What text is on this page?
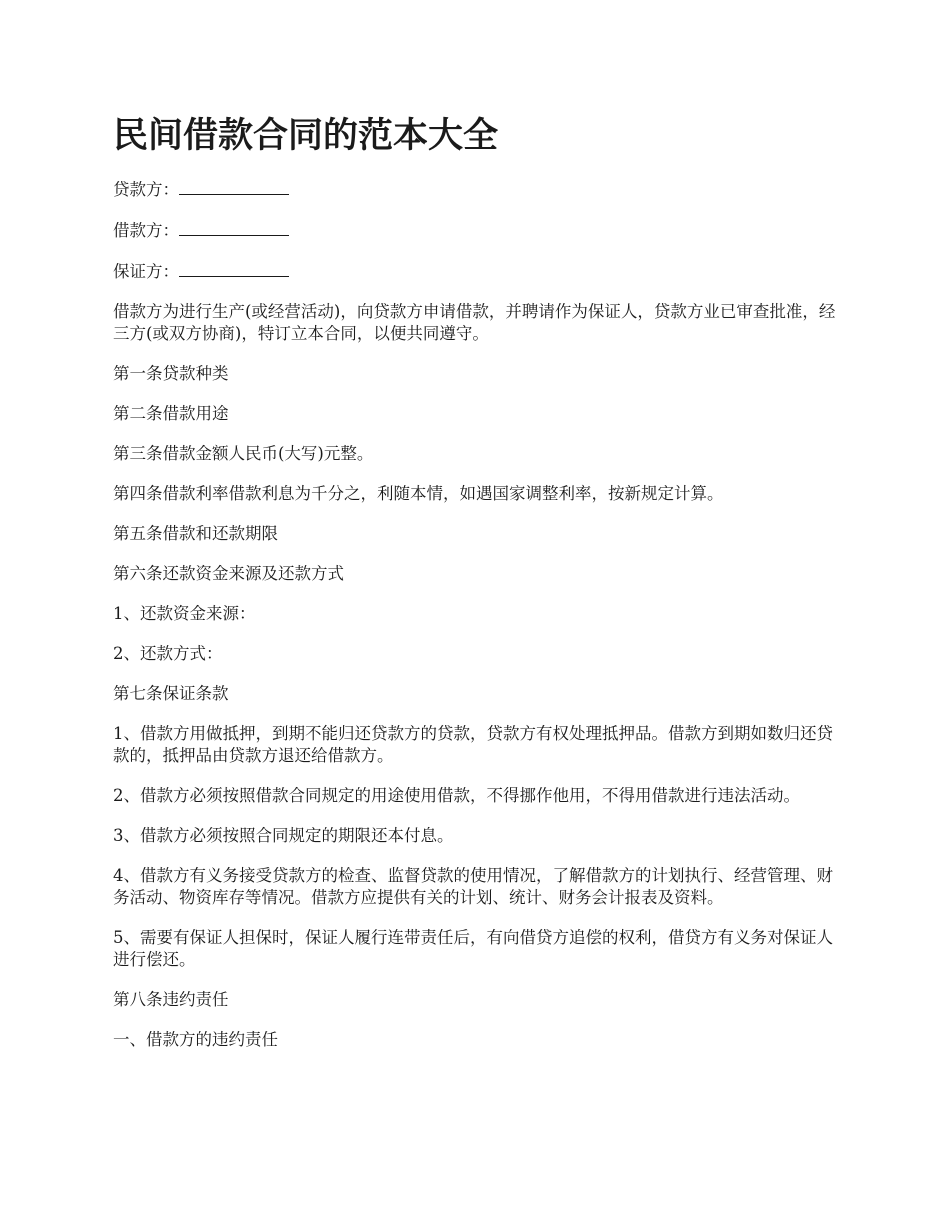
民间借款合同的范本大全
贷款方：
借款方：
保证方：

借款方为进行生产(或经营活动)，向贷款方申请借款，并聘请作为保证人，贷款方业已审查批准，经三方(或双方协商)，特订立本合同，以便共同遵守。

第一条贷款种类

第二条借款用途

第三条借款金额人民币(大写)元整。

第四条借款利率借款利息为千分之，利随本情，如遇国家调整利率，按新规定计算。

第五条借款和还款期限

第六条还款资金来源及还款方式

1、还款资金来源：

2、还款方式：

第七条保证条款

1、借款方用做抵押，到期不能归还贷款方的贷款，贷款方有权处理抵押品。借款方到期如数归还贷款的，抵押品由贷款方退还给借款方。

2、借款方必须按照借款合同规定的用途使用借款，不得挪作他用，不得用借款进行违法活动。

3、借款方必须按照合同规定的期限还本付息。

4、借款方有义务接受贷款方的检查、监督贷款的使用情况，了解借款方的计划执行、经营管理、财务活动、物资库存等情况。借款方应提供有关的计划、统计、财务会计报表及资料。

5、需要有保证人担保时，保证人履行连带责任后，有向借贷方追偿的权利，借贷方有义务对保证人进行偿还。

第八条违约责任

一、借款方的违约责任
